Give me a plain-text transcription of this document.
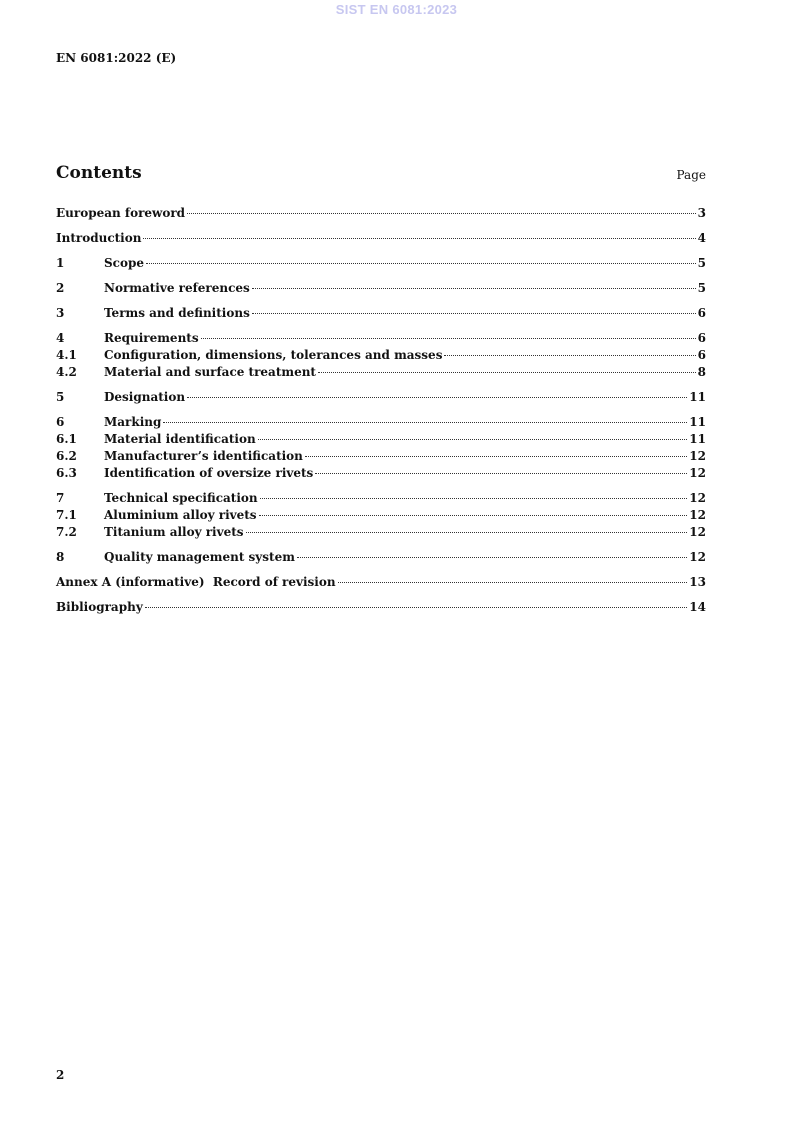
SIST EN 6081:2023
EN 6081:2022 (E)
Contents	Page
European foreword	3
Introduction	4
1	Scope	5
2	Normative references	5
3	Terms and definitions	6
4	Requirements	6
4.1	Configuration, dimensions, tolerances and masses	6
4.2	Material and surface treatment	8
5	Designation	11
6	Marking	11
6.1	Material identification	11
6.2	Manufacturer’s identification	12
6.3	Identification of oversize rivets	12
7	Technical specification	12
7.1	Aluminium alloy rivets	12
7.2	Titanium alloy rivets	12
8	Quality management system	12
Annex A (informative)  Record of revision	13
Bibliography	14
2
